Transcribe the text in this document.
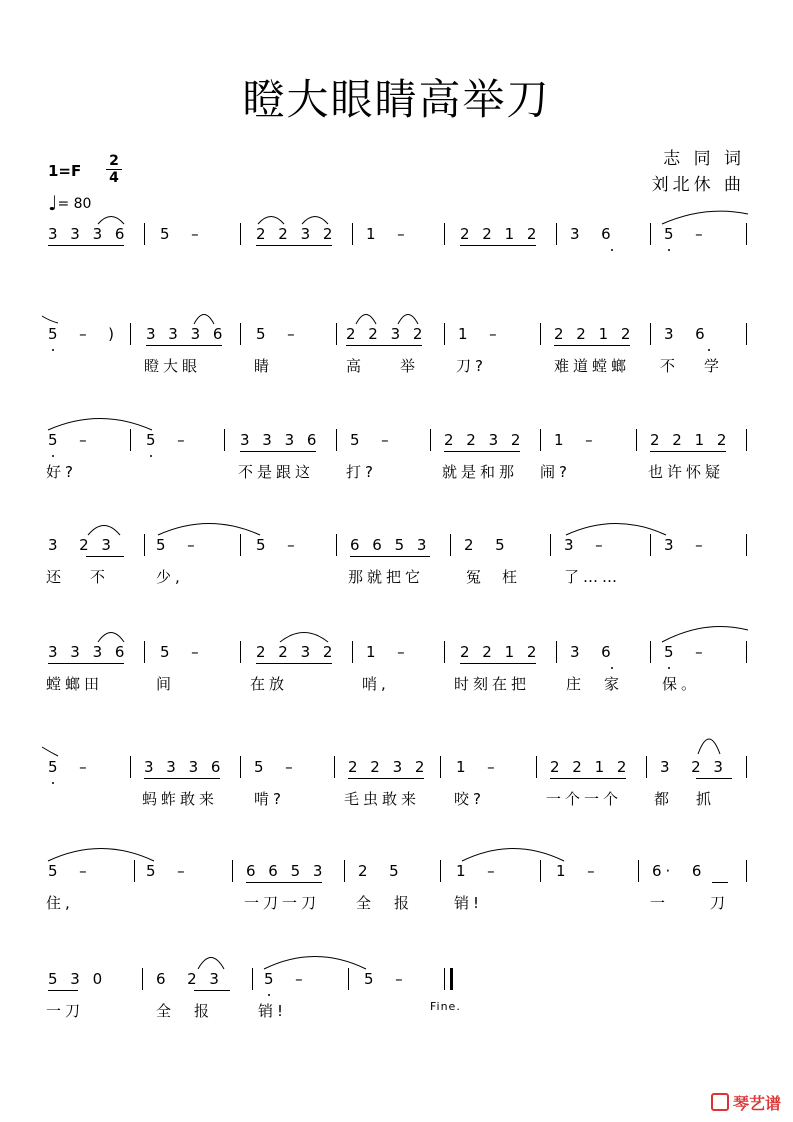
瞪大眼睛高举刀
1=F
2
4
♩= 80
志 同 词
刘北休 曲
3 3 3 6 5  –	2 2 3 2 1  –	2 2 1 2 3  6	5  –
5  –  ) 3 3 3 6 5  –	2 2 3 2 1  –	2 2 1 2 3  6
瞪大眼	睛	高 举 刀?	难道螳螂 不 学
5  –	5  –	3 3 3 6 5  –	2 2 3 2 1  –	2 2 1 2
好?	不是跟这 打?	就是和那 闹?	也许怀疑
3  2 3	5  –	5  –	6 6 5 3 2  5	3  –	3  –
还 不	少,	那就把它	冤 枉	了……
3 3 3 6 5  –	2 2 3 2 1  –	2 2 1 2 3  6	5  –
螳螂田	间	在放	哨,	时刻在把 庄 家	保。
5  –	3 3 3 6 5  –	2 2 3 2 1  –	2 2 1 2 3  2 3
蚂蚱敢来 啃?	毛虫敢来 咬?	一个一个 都 抓
5  –	5  –	6 6 5 3 2  5	1  –	1  –	6·  6
住,	一刀一刀 全 报	销!	一	刀
5 3 0	6  2 3	5  –	5  –
一刀	全 报	销!	Fine.
琴艺谱
